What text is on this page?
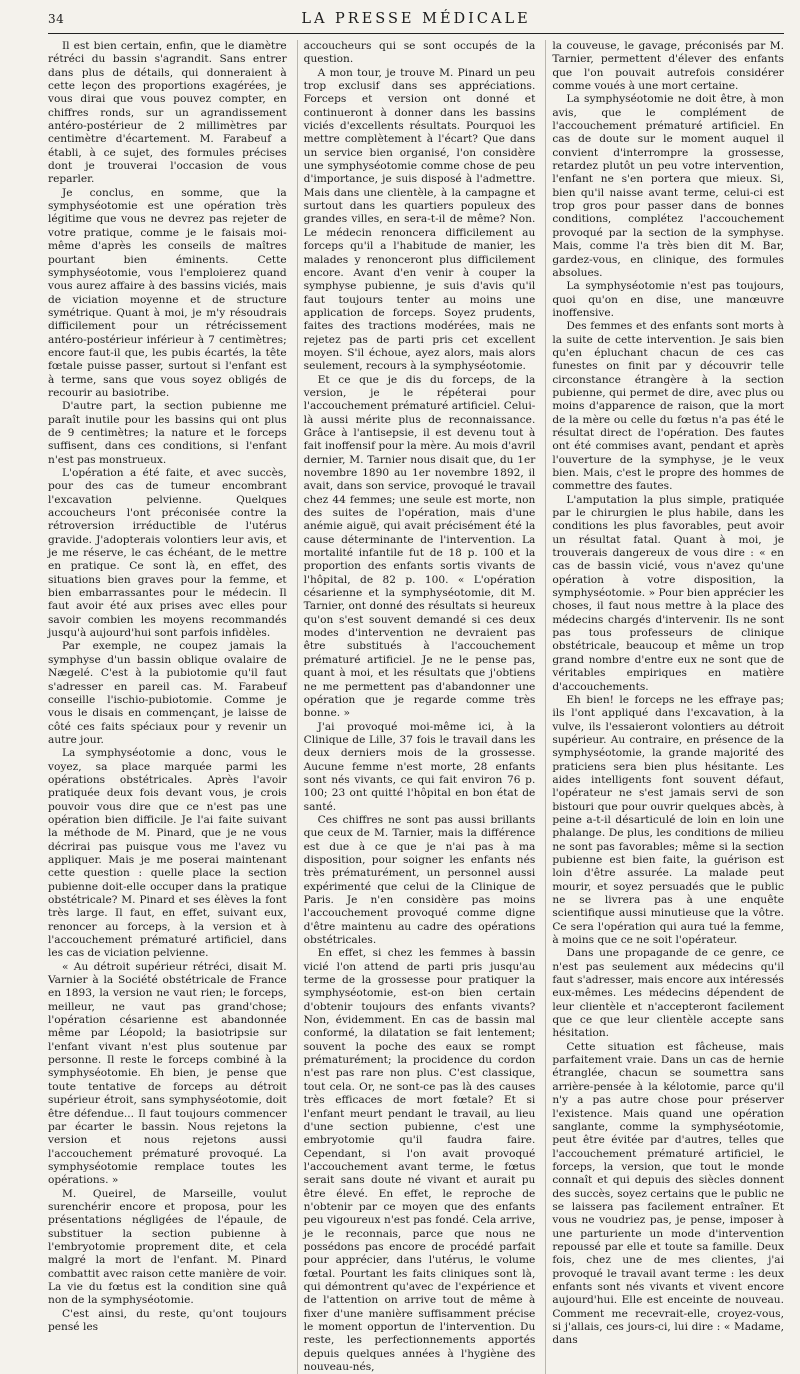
34	LA PRESSE MÉDICALE

Il est bien certain, enfin, que le diamètre rétréci du bassin s'agrandit. Sans entrer dans plus de détails, qui donneraient à cette leçon des proportions exagérées, je vous dirai que vous pouvez compter, en chiffres ronds, sur un agrandissement antéro-postérieur de 2 millimètres par centimètre d'écartement. M. Farabeuf a établi, à ce sujet, des formules précises dont je trouverai l'occasion de vous reparler.

Je conclus, en somme, que la symphyséotomie est une opération très légitime que vous ne devrez pas rejeter de votre pratique, comme je le faisais moi-même d'après les conseils de maîtres pourtant bien éminents. Cette symphyséotomie, vous l'emploierez quand vous aurez affaire à des bassins viciés, mais de viciation moyenne et de structure symétrique. Quant à moi, je m'y résoudrais difficilement pour un rétrécissement antéro-postérieur inférieur à 7 centimètres; encore faut-il que, les pubis écartés, la tête fœtale puisse passer, surtout si l'enfant est à terme, sans que vous soyez obligés de recourir au basiotribe.

D'autre part, la section pubienne me paraît inutile pour les bassins qui ont plus de 9 centimètres; la nature et le forceps suffisent, dans ces conditions, si l'enfant n'est pas monstrueux.

L'opération a été faite, et avec succès, pour des cas de tumeur encombrant l'excavation pelvienne. Quelques accoucheurs l'ont préconisée contre la rétroversion irréductible de l'utérus gravide. J'adopterais volontiers leur avis, et je me réserve, le cas échéant, de le mettre en pratique. Ce sont là, en effet, des situations bien graves pour la femme, et bien embarrassantes pour le médecin. Il faut avoir été aux prises avec elles pour savoir combien les moyens recommandés jusqu'à aujourd'hui sont parfois infidèles.

Par exemple, ne coupez jamais la symphyse d'un bassin oblique ovalaire de Nægelé. C'est à la pubiotomie qu'il faut s'adresser en pareil cas. M. Farabeuf conseille l'ischio-pubiotomie. Comme je vous le disais en commençant, je laisse de côté ces faits spéciaux pour y revenir un autre jour.

La symphyséotomie a donc, vous le voyez, sa place marquée parmi les opérations obstétricales. Après l'avoir pratiquée deux fois devant vous, je crois pouvoir vous dire que ce n'est pas une opération bien difficile. Je l'ai faite suivant la méthode de M. Pinard, que je ne vous décrirai pas puisque vous me l'avez vu appliquer. Mais je me poserai maintenant cette question : quelle place la section pubienne doit-elle occuper dans la pratique obstétricale? M. Pinard et ses élèves la font très large. Il faut, en effet, suivant eux, renoncer au forceps, à la version et à l'accouchement prématuré artificiel, dans les cas de viciation pelvienne.

« Au détroit supérieur rétréci, disait M. Varnier à la Société obstétricale de France en 1893, la version ne vaut rien; le forceps, meilleur, ne vaut pas grand'chose; l'opération césarienne est abandonnée même par Léopold; la basiotripsie sur l'enfant vivant n'est plus soutenue par personne. Il reste le forceps combiné à la symphyséotomie. Eh bien, je pense que toute tentative de forceps au détroit supérieur étroit, sans symphyséotomie, doit être défendue... Il faut toujours commencer par écarter le bassin. Nous rejetons la version et nous rejetons aussi l'accouchement prématuré provoqué. La symphyséotomie remplace toutes les opérations. »

M. Queirel, de Marseille, voulut surenchérir encore et proposa, pour les présentations négligées de l'épaule, de substituer la section pubienne à l'embryotomie proprement dite, et cela malgré la mort de l'enfant. M. Pinard combattit avec raison cette manière de voir. La vie du fœtus est la condition sine quâ non de la symphyséotomie.

C'est ainsi, du reste, qu'ont toujours pensé les

accoucheurs qui se sont occupés de la question.

A mon tour, je trouve M. Pinard un peu trop exclusif dans ses appréciations. Forceps et version ont donné et continueront à donner dans les bassins viciés d'excellents résultats. Pourquoi les mettre complètement à l'écart? Que dans un service bien organisé, l'on considère une symphyséotomie comme chose de peu d'importance, je suis disposé à l'admettre. Mais dans une clientèle, à la campagne et surtout dans les quartiers populeux des grandes villes, en sera-t-il de même? Non. Le médecin renoncera difficilement au forceps qu'il a l'habitude de manier, les malades y renonceront plus difficilement encore. Avant d'en venir à couper la symphyse pubienne, je suis d'avis qu'il faut toujours tenter au moins une application de forceps. Soyez prudents, faites des tractions modérées, mais ne rejetez pas de parti pris cet excellent moyen. S'il échoue, ayez alors, mais alors seulement, recours à la symphyséotomie.

Et ce que je dis du forceps, de la version, je le répéterai pour l'accouchement prématuré artificiel. Celui-là aussi mérite plus de reconnaissance. Grâce à l'antisepsie, il est devenu tout à fait inoffensif pour la mère. Au mois d'avril dernier, M. Tarnier nous disait que, du 1er novembre 1890 au 1er novembre 1892, il avait, dans son service, provoqué le travail chez 44 femmes; une seule est morte, non des suites de l'opération, mais d'une anémie aiguë, qui avait précisément été la cause déterminante de l'intervention. La mortalité infantile fut de 18 p. 100 et la proportion des enfants sortis vivants de l'hôpital, de 82 p. 100. « L'opération césarienne et la symphyséotomie, dit M. Tarnier, ont donné des résultats si heureux qu'on s'est souvent demandé si ces deux modes d'intervention ne devraient pas être substitués à l'accouchement prématuré artificiel. Je ne le pense pas, quant à moi, et les résultats que j'obtiens ne me permettent pas d'abandonner une opération que je regarde comme très bonne. »

J'ai provoqué moi-même ici, à la Clinique de Lille, 37 fois le travail dans les deux derniers mois de la grossesse. Aucune femme n'est morte, 28 enfants sont nés vivants, ce qui fait environ 76 p. 100; 23 ont quitté l'hôpital en bon état de santé.

Ces chiffres ne sont pas aussi brillants que ceux de M. Tarnier, mais la différence est due à ce que je n'ai pas à ma disposition, pour soigner les enfants nés très prématurément, un personnel aussi expérimenté que celui de la Clinique de Paris. Je n'en considère pas moins l'accouchement provoqué comme digne d'être maintenu au cadre des opérations obstétricales.

En effet, si chez les femmes à bassin vicié l'on attend de parti pris jusqu'au terme de la grossesse pour pratiquer la symphyséotomie, est-on bien certain d'obtenir toujours des enfants vivants? Non, évidemment. En cas de bassin mal conformé, la dilatation se fait lentement; souvent la poche des eaux se rompt prématurément; la procidence du cordon n'est pas rare non plus. C'est classique, tout cela. Or, ne sont-ce pas là des causes très efficaces de mort fœtale? Et si l'enfant meurt pendant le travail, au lieu d'une section pubienne, c'est une embryotomie qu'il faudra faire. Cependant, si l'on avait provoqué l'accouchement avant terme, le fœtus serait sans doute né vivant et aurait pu être élevé. En effet, le reproche de n'obtenir par ce moyen que des enfants peu vigoureux n'est pas fondé. Cela arrive, je le reconnais, parce que nous ne possédons pas encore de procédé parfait pour apprécier, dans l'utérus, le volume fœtal. Pourtant les faits cliniques sont là, qui démontrent qu'avec de l'expérience et de l'attention on arrive tout de même à fixer d'une manière suffisamment précise le moment opportun de l'intervention. Du reste, les perfectionnements apportés depuis quelques années à l'hygiène des nouveau-nés,

la couveuse, le gavage, préconisés par M. Tarnier, permettent d'élever des enfants que l'on pouvait autrefois considérer comme voués à une mort certaine.

La symphyséotomie ne doit être, à mon avis, que le complément de l'accouchement prématuré artificiel. En cas de doute sur le moment auquel il convient d'interrompre la grossesse, retardez plutôt un peu votre intervention, l'enfant ne s'en portera que mieux. Si, bien qu'il naisse avant terme, celui-ci est trop gros pour passer dans de bonnes conditions, complétez l'accouchement provoqué par la section de la symphyse. Mais, comme l'a très bien dit M. Bar, gardez-vous, en clinique, des formules absolues.

La symphyséotomie n'est pas toujours, quoi qu'on en dise, une manœuvre inoffensive.

Des femmes et des enfants sont morts à la suite de cette intervention. Je sais bien qu'en épluchant chacun de ces cas funestes on finit par y découvrir telle circonstance étrangère à la section pubienne, qui permet de dire, avec plus ou moins d'apparence de raison, que la mort de la mère ou celle du fœtus n'a pas été le résultat direct de l'opération. Des fautes ont été commises avant, pendant et après l'ouverture de la symphyse, je le veux bien. Mais, c'est le propre des hommes de commettre des fautes.

L'amputation la plus simple, pratiquée par le chirurgien le plus habile, dans les conditions les plus favorables, peut avoir un résultat fatal. Quant à moi, je trouverais dangereux de vous dire : « en cas de bassin vicié, vous n'avez qu'une opération à votre disposition, la symphyséotomie. » Pour bien apprécier les choses, il faut nous mettre à la place des médecins chargés d'intervenir. Ils ne sont pas tous professeurs de clinique obstétricale, beaucoup et même un trop grand nombre d'entre eux ne sont que de véritables empiriques en matière d'accouchements.

Eh bien! le forceps ne les effraye pas; ils l'ont appliqué dans l'excavation, à la vulve, ils l'essaieront volontiers au détroit supérieur. Au contraire, en présence de la symphyséotomie, la grande majorité des praticiens sera bien plus hésitante. Les aides intelligents font souvent défaut, l'opérateur ne s'est jamais servi de son bistouri que pour ouvrir quelques abcès, à peine a-t-il désarticulé de loin en loin une phalange. De plus, les conditions de milieu ne sont pas favorables; même si la section pubienne est bien faite, la guérison est loin d'être assurée. La malade peut mourir, et soyez persuadés que le public ne se livrera pas à une enquête scientifique aussi minutieuse que la vôtre. Ce sera l'opération qui aura tué la femme, à moins que ce ne soit l'opérateur.

Dans une propagande de ce genre, ce n'est pas seulement aux médecins qu'il faut s'adresser, mais encore aux intéressés eux-mêmes. Les médecins dépendent de leur clientèle et n'accepteront facilement que ce que leur clientèle accepte sans hésitation.

Cette situation est fâcheuse, mais parfaitement vraie. Dans un cas de hernie étranglée, chacun se soumettra sans arrière-pensée à la kélotomie, parce qu'il n'y a pas autre chose pour préserver l'existence. Mais quand une opération sanglante, comme la symphyséotomie, peut être évitée par d'autres, telles que l'accouchement prématuré artificiel, le forceps, la version, que tout le monde connaît et qui depuis des siècles donnent des succès, soyez certains que le public ne se laissera pas facilement entraîner. Et vous ne voudriez pas, je pense, imposer à une parturiente un mode d'intervention repoussé par elle et toute sa famille. Deux fois, chez une de mes clientes, j'ai provoqué le travail avant terme : les deux enfants sont nés vivants et vivent encore aujourd'hui. Elle est enceinte de nouveau. Comment me recevrait-elle, croyez-vous, si j'allais, ces jours-ci, lui dire : « Madame, dans
